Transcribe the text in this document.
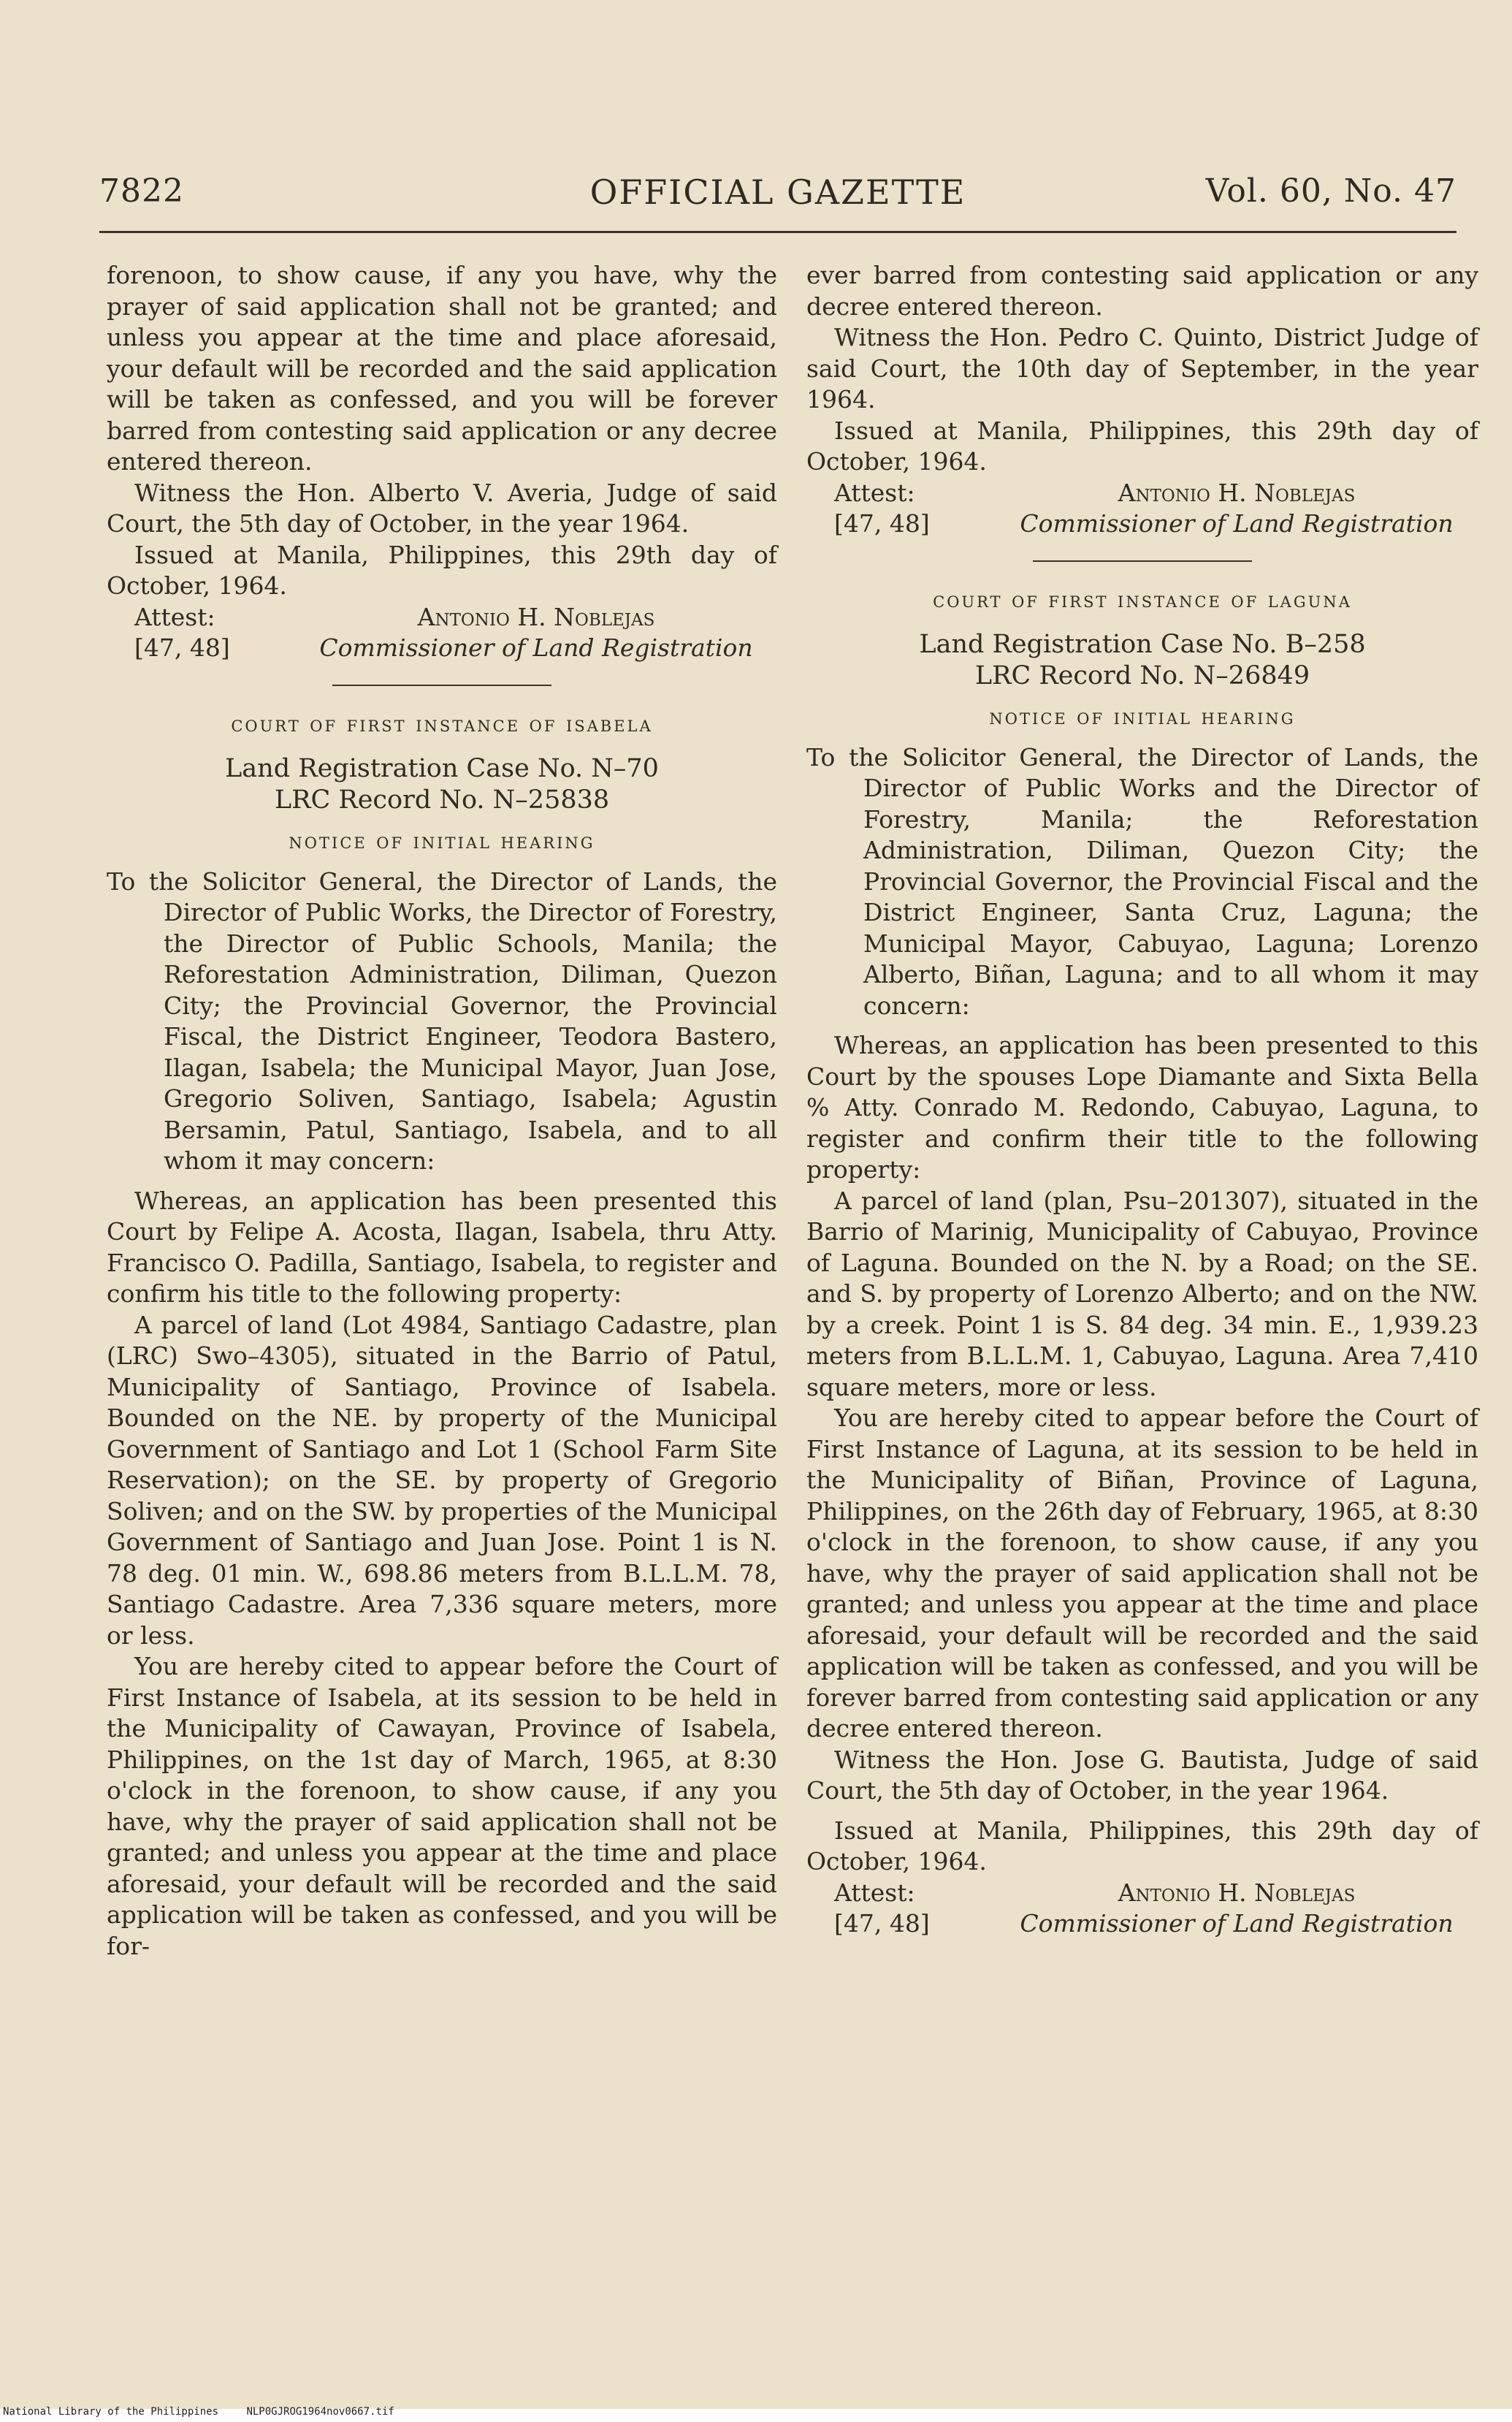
7822	OFFICIAL GAZETTE	Vol. 60, No. 47

forenoon, to show cause, if any you have, why the prayer of said application shall not be granted; and unless you appear at the time and place aforesaid, your default will be recorded and the said application will be taken as confessed, and you will be forever barred from contesting said application or any decree entered thereon.

Witness the Hon. Alberto V. Averia, Judge of said Court, the 5th day of October, in the year 1964.

Issued at Manila, Philippines, this 29th day of October, 1964.

Attest:	Antonio H. Noblejas
[47, 48]	Commissioner of Land Registration
court of first instance of isabela
Land Registration Case No. N–70
LRC Record No. N–25838
notice of initial hearing

To the Solicitor General, the Director of Lands, the Director of Public Works, the Director of Forestry, the Director of Public Schools, Manila; the Reforestation Administration, Diliman, Quezon City; the Provincial Governor, the Provincial Fiscal, the District Engineer, Teodora Bastero, Ilagan, Isabela; the Municipal Mayor, Juan Jose, Gregorio Soliven, Santiago, Isabela; Agustin Bersamin, Patul, Santiago, Isabela, and to all whom it may concern:

Whereas, an application has been presented this Court by Felipe A. Acosta, Ilagan, Isabela, thru Atty. Francisco O. Padilla, Santiago, Isabela, to register and confirm his title to the following property:

A parcel of land (Lot 4984, Santiago Cadastre, plan (LRC) Swo–4305), situated in the Barrio of Patul, Municipality of Santiago, Province of Isabela. Bounded on the NE. by property of the Municipal Government of Santiago and Lot 1 (School Farm Site Reservation); on the SE. by property of Gregorio Soliven; and on the SW. by properties of the Municipal Government of Santiago and Juan Jose. Point 1 is N. 78 deg. 01 min. W., 698.86 meters from B.L.L.M. 78, Santiago Cadastre. Area 7,336 square meters, more or less.

You are hereby cited to appear before the Court of First Instance of Isabela, at its session to be held in the Municipality of Cawayan, Province of Isabela, Philippines, on the 1st day of March, 1965, at 8:30 o'clock in the forenoon, to show cause, if any you have, why the prayer of said application shall not be granted; and unless you appear at the time and place aforesaid, your default will be recorded and the said application will be taken as confessed, and you will be for-

ever barred from contesting said application or any decree entered thereon.

Witness the Hon. Pedro C. Quinto, District Judge of said Court, the 10th day of September, in the year 1964.

Issued at Manila, Philippines, this 29th day of October, 1964.

Attest:	Antonio H. Noblejas
[47, 48]	Commissioner of Land Registration
court of first instance of laguna
Land Registration Case No. B–258
LRC Record No. N–26849
notice of initial hearing

To the Solicitor General, the Director of Lands, the Director of Public Works and the Director of Forestry, Manila; the Reforestation Administration, Diliman, Quezon City; the Provincial Governor, the Provincial Fiscal and the District Engineer, Santa Cruz, Laguna; the Municipal Mayor, Cabuyao, Laguna; Lorenzo Alberto, Biñan, Laguna; and to all whom it may concern:

Whereas, an application has been presented to this Court by the spouses Lope Diamante and Sixta Bella % Atty. Conrado M. Redondo, Cabuyao, Laguna, to register and confirm their title to the following property:

A parcel of land (plan, Psu–201307), situated in the Barrio of Marinig, Municipality of Cabuyao, Province of Laguna. Bounded on the N. by a Road; on the SE. and S. by property of Lorenzo Alberto; and on the NW. by a creek. Point 1 is S. 84 deg. 34 min. E., 1,939.23 meters from B.L.L.M. 1, Cabuyao, Laguna. Area 7,410 square meters, more or less.

You are hereby cited to appear before the Court of First Instance of Laguna, at its session to be held in the Municipality of Biñan, Province of Laguna, Philippines, on the 26th day of February, 1965, at 8:30 o'clock in the forenoon, to show cause, if any you have, why the prayer of said application shall not be granted; and unless you appear at the time and place aforesaid, your default will be recorded and the said application will be taken as confessed, and you will be forever barred from contesting said application or any decree entered thereon.

Witness the Hon. Jose G. Bautista, Judge of said Court, the 5th day of October, in the year 1964.

Issued at Manila, Philippines, this 29th day of October, 1964.

Attest:	Antonio H. Noblejas
[47, 48]	Commissioner of Land Registration
National Library of the Philippines	NLP0GJROG1964nov0667.tif
